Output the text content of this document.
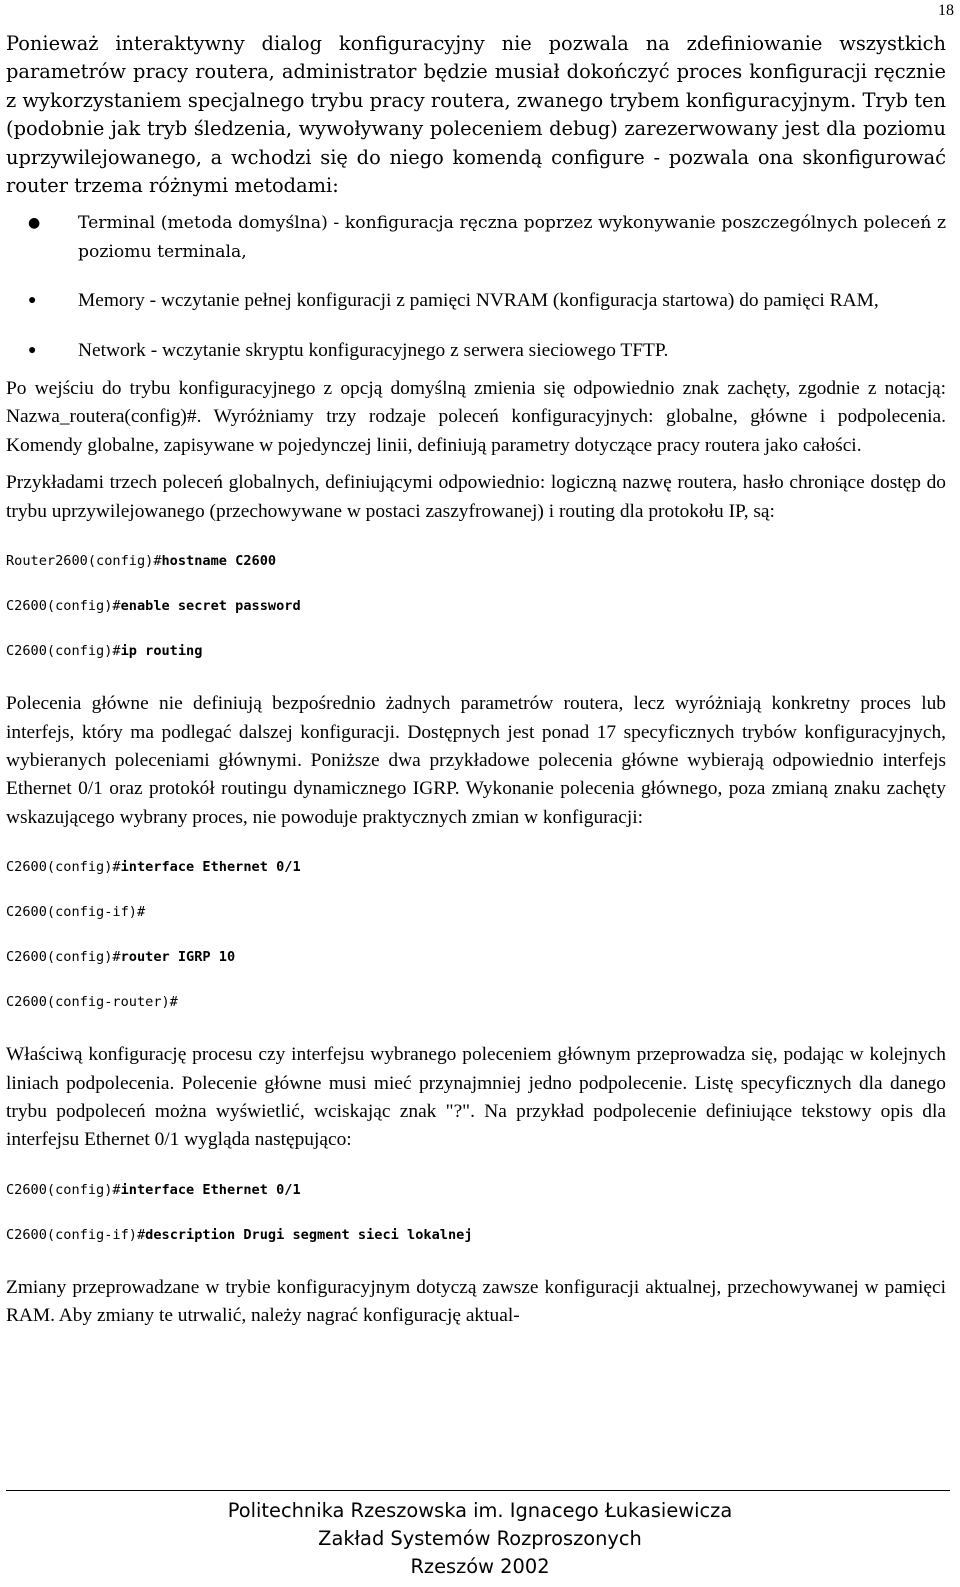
18

Ponieważ interaktywny dialog konfiguracyjny nie pozwala na zdefiniowanie wszystkich parametrów pracy routera, administrator będzie musiał dokończyć proces konfiguracji ręcznie z wykorzystaniem specjalnego trybu pracy routera, zwanego trybem konfiguracyjnym. Tryb ten (podobnie jak tryb śledzenia, wywoływany poleceniem debug) zarezerwowany jest dla poziomu uprzywilejowanego, a wchodzi się do niego komendą configure - pozwala ona skonfigurować router trzema różnymi metodami:

● Terminal (metoda domyślna) - konfiguracja ręczna poprzez wykonywanie poszczególnych poleceń z poziomu terminala,
● Memory - wczytanie pełnej konfiguracji z pamięci NVRAM (konfiguracja startowa) do pamięci RAM,
● Network - wczytanie skryptu konfiguracyjnego z serwera sieciowego TFTP.

Po wejściu do trybu konfiguracyjnego z opcją domyślną zmienia się odpowiednio znak zachęty, zgodnie z notacją: Nazwa_routera(config)#. Wyróżniamy trzy rodzaje poleceń konfiguracyjnych: globalne, główne i podpolecenia. Komendy globalne, zapisywane w pojedynczej linii, definiują parametry dotyczące pracy routera jako całości.

Przykładami trzech poleceń globalnych, definiującymi odpowiednio: logiczną nazwę routera, hasło chroniące dostęp do trybu uprzywilejowanego (przechowywane w postaci zaszyfrowanej) i routing dla protokołu IP, są:

Router2600(config)#hostname C2600
C2600(config)#enable secret password
C2600(config)#ip routing

Polecenia główne nie definiują bezpośrednio żadnych parametrów routera, lecz wyróżniają konkretny proces lub interfejs, który ma podlegać dalszej konfiguracji. Dostępnych jest ponad 17 specyficznych trybów konfiguracyjnych, wybieranych poleceniami głównymi. Poniższe dwa przykładowe polecenia główne wybierają odpowiednio interfejs Ethernet 0/1 oraz protokół routingu dynamicznego IGRP. Wykonanie polecenia głównego, poza zmianą znaku zachęty wskazującego wybrany proces, nie powoduje praktycznych zmian w konfiguracji:

C2600(config)#interface Ethernet 0/1
C2600(config-if)#
C2600(config)#router IGRP 10
C2600(config-router)#

Właściwą konfigurację procesu czy interfejsu wybranego poleceniem głównym przeprowadza się, podając w kolejnych liniach podpolecenia. Polecenie główne musi mieć przynajmniej jedno podpolecenie. Listę specyficznych dla danego trybu podpoleceń można wyświetlić, wciskając znak "?". Na przykład podpolecenie definiujące tekstowy opis dla interfejsu Ethernet 0/1 wygląda następująco:

C2600(config)#interface Ethernet 0/1
C2600(config-if)#description Drugi segment sieci lokalnej

Zmiany przeprowadzane w trybie konfiguracyjnym dotyczą zawsze konfiguracji aktualnej, przechowywanej w pamięci RAM. Aby zmiany te utrwalić, należy nagrać konfigurację aktual-

Politechnika Rzeszowska im. Ignacego Łukasiewicza
Zakład Systemów Rozproszonych
Rzeszów 2002
